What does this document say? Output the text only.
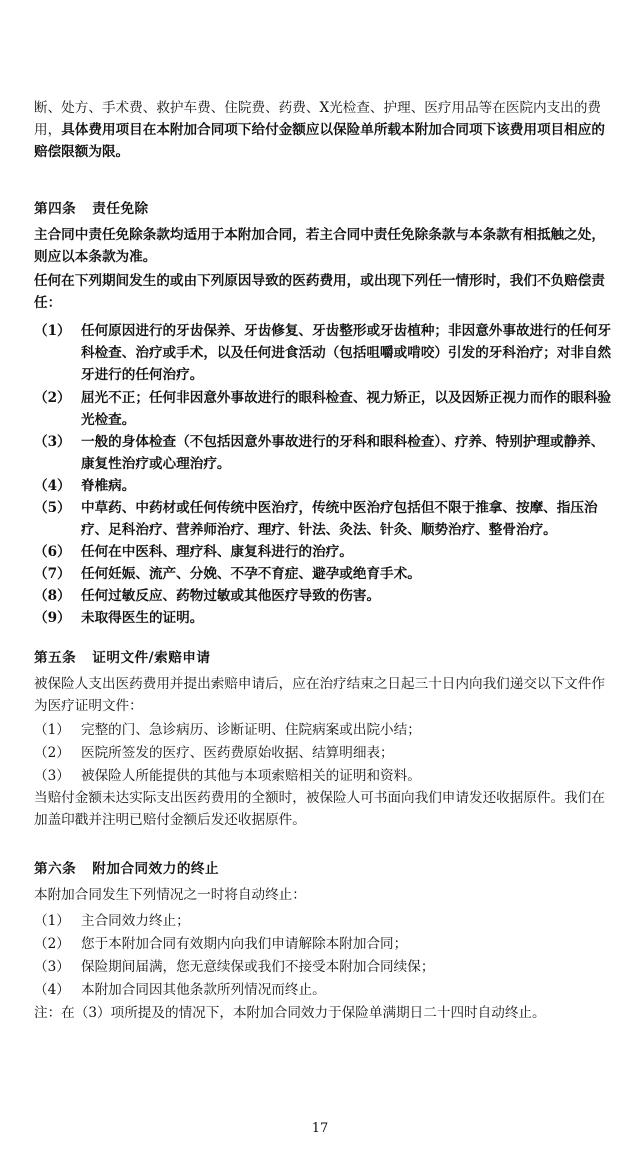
断、处方、手术费、救护车费、住院费、药费、X光检查、护理、医疗用品等在医院内支出的费用，具体费用项目在本附加合同项下给付金额应以保险单所载本附加合同项下该费用项目相应的赔偿限额为限。

第四条 责任免除

主合同中责任免除条款均适用于本附加合同，若主合同中责任免除条款与本条款有相抵触之处，则应以本条款为准。

任何在下列期间发生的或由下列原因导致的医药费用，或出现下列任一情形时，我们不负赔偿责任：

（1） 任何原因进行的牙齿保养、牙齿修复、牙齿整形或牙齿植种；非因意外事故进行的任何牙科检查、治疗或手术，以及任何进食活动（包括咀嚼或啃咬）引发的牙科治疗；对非自然牙进行的任何治疗。
（2） 屈光不正；任何非因意外事故进行的眼科检查、视力矫正，以及因矫正视力而作的眼科验光检查。
（3） 一般的身体检查（不包括因意外事故进行的牙科和眼科检查）、疗养、特别护理或静养、康复性治疗或心理治疗。
（4） 脊椎病。
（5） 中草药、中药材或任何传统中医治疗，传统中医治疗包括但不限于推拿、按摩、指压治疗、足科治疗、营养师治疗、理疗、针法、灸法、针灸、顺势治疗、整骨治疗。
（6） 任何在中医科、理疗科、康复科进行的治疗。
（7） 任何妊娠、流产、分娩、不孕不育症、避孕或绝育手术。
（8） 任何过敏反应、药物过敏或其他医疗导致的伤害。
（9） 未取得医生的证明。

第五条 证明文件/索赔申请

被保险人支出医药费用并提出索赔申请后，应在治疗结束之日起三十日内向我们递交以下文件作为医疗证明文件：

（1） 完整的门、急诊病历、诊断证明、住院病案或出院小结；
（2） 医院所签发的医疗、医药费原始收据、结算明细表；
（3） 被保险人所能提供的其他与本项索赔相关的证明和资料。

当赔付金额未达实际支出医药费用的全额时，被保险人可书面向我们申请发还收据原件。我们在加盖印戳并注明已赔付金额后发还收据原件。

第六条 附加合同效力的终止

本附加合同发生下列情况之一时将自动终止：

（1） 主合同效力终止；
（2） 您于本附加合同有效期内向我们申请解除本附加合同；
（3） 保险期间届满，您无意续保或我们不接受本附加合同续保；
（4） 本附加合同因其他条款所列情况而终止。

注：在（3）项所提及的情况下，本附加合同效力于保险单满期日二十四时自动终止。

17
